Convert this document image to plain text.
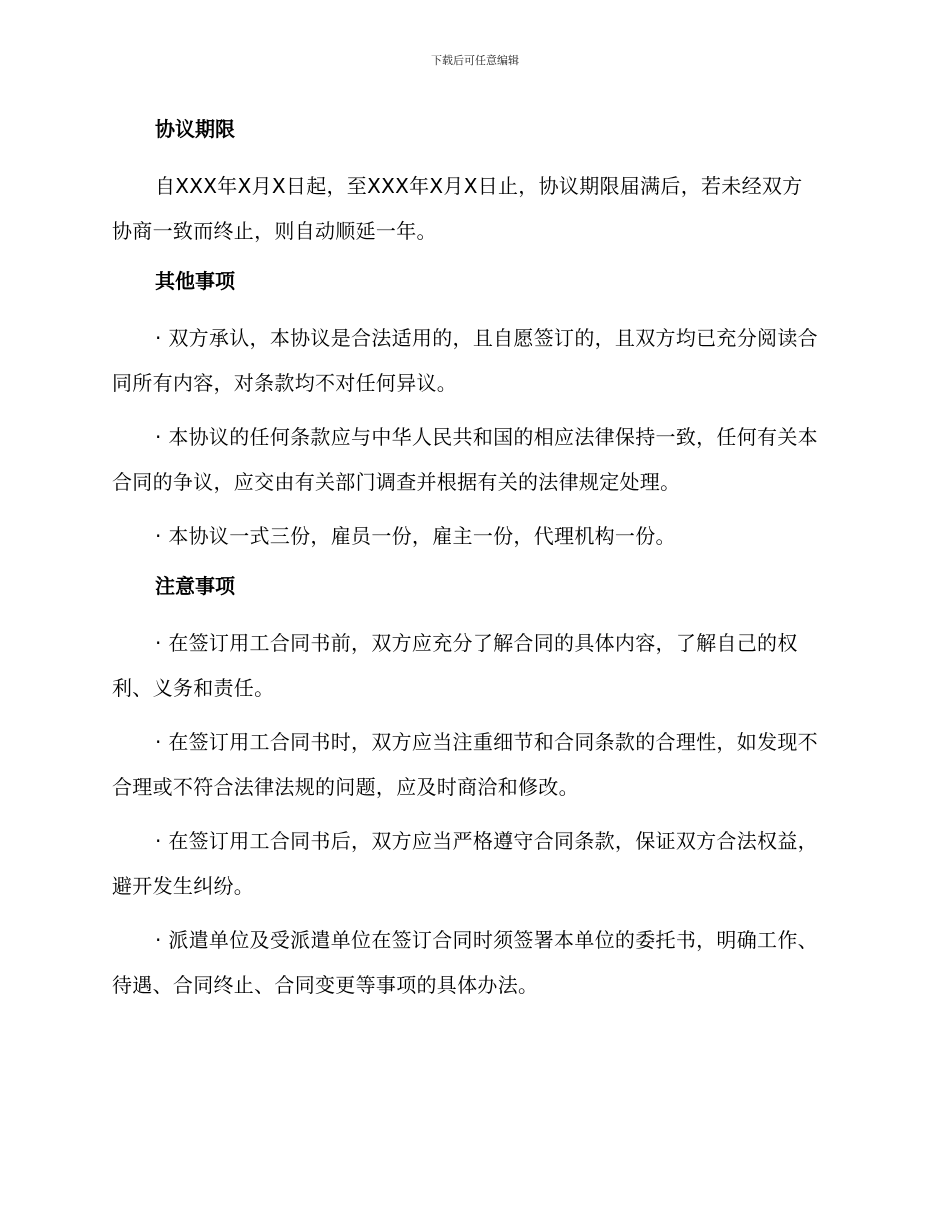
下载后可任意编辑
协议期限

自XXX年X月X日起，至XXX年X月X日止，协议期限届满后，若未经双方协商一致而终止，则自动顺延一年。

其他事项

· 双方承认，本协议是合法适用的，且自愿签订的，且双方均已充分阅读合同所有内容，对条款均不对任何异议。

· 本协议的任何条款应与中华人民共和国的相应法律保持一致，任何有关本合同的争议，应交由有关部门调查并根据有关的法律规定处理。

· 本协议一式三份，雇员一份，雇主一份，代理机构一份。

注意事项

· 在签订用工合同书前，双方应充分了解合同的具体内容，了解自己的权利、义务和责任。

· 在签订用工合同书时，双方应当注重细节和合同条款的合理性，如发现不合理或不符合法律法规的问题，应及时商洽和修改。

· 在签订用工合同书后，双方应当严格遵守合同条款，保证双方合法权益，避开发生纠纷。

· 派遣单位及受派遣单位在签订合同时须签署本单位的委托书，明确工作、待遇、合同终止、合同变更等事项的具体办法。
